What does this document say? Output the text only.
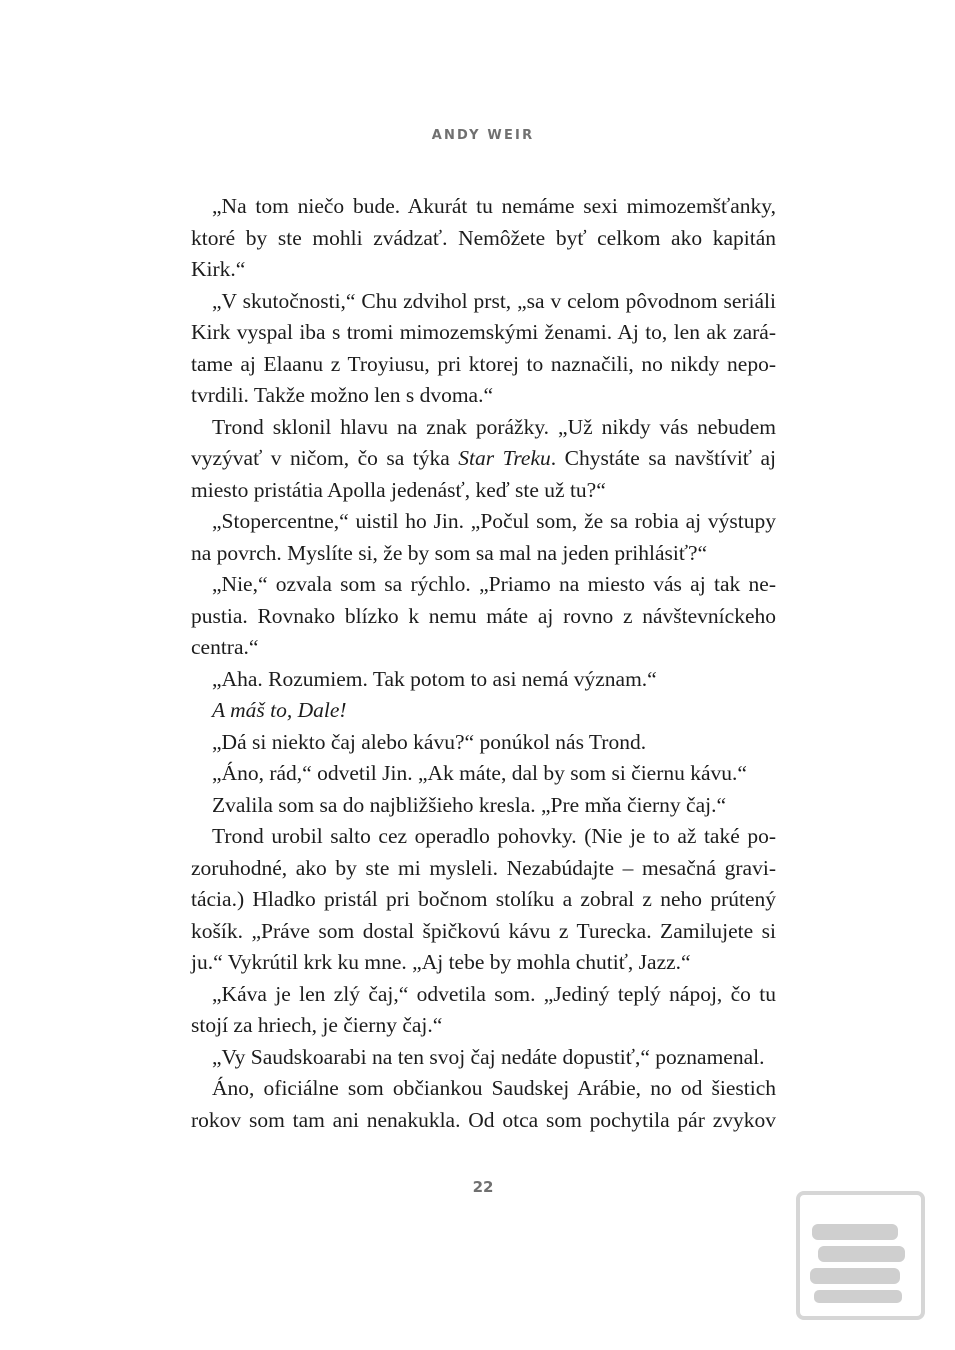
ANDY WEIR
„Na tom niečo bude. Akurát tu nemáme sexi mimozemšťanky,
ktoré by ste mohli zvádzať. Nemôžete byť celkom ako kapitán
Kirk.“
„V skutočnosti,“ Chu zdvihol prst, „sa v celom pôvodnom seriáli
Kirk vyspal iba s tromi mimozemskými ženami. Aj to, len ak zará-
tame aj Elaanu z Troyiusu, pri ktorej to naznačili, no nikdy nepo-
tvrdili. Takže možno len s dvoma.“
Trond sklonil hlavu na znak porážky. „Už nikdy vás nebudem
vyzývať v ničom, čo sa týka Star Treku. Chystáte sa navštíviť aj
miesto pristátia Apolla jedenásť, keď ste už tu?“
„Stopercentne,“ uistil ho Jin. „Počul som, že sa robia aj výstupy
na povrch. Myslíte si, že by som sa mal na jeden prihlásiť?“
„Nie,“ ozvala som sa rýchlo. „Priamo na miesto vás aj tak ne-
pustia. Rovnako blízko k nemu máte aj rovno z návštevníckeho
centra.“
„Aha. Rozumiem. Tak potom to asi nemá význam.“
A máš to, Dale!
„Dá si niekto čaj alebo kávu?“ ponúkol nás Trond.
„Áno, rád,“ odvetil Jin. „Ak máte, dal by som si čiernu kávu.“
Zvalila som sa do najbližšieho kresla. „Pre mňa čierny čaj.“
Trond urobil salto cez operadlo pohovky. (Nie je to až také po-
zoruhodné, ako by ste mi mysleli. Nezabúdajte – mesačná gravi-
tácia.) Hladko pristál pri bočnom stolíku a zobral z neho prútený
košík. „Práve som dostal špičkovú kávu z Turecka. Zamilujete si
ju.“ Vykrútil krk ku mne. „Aj tebe by mohla chutiť, Jazz.“
„Káva je len zlý čaj,“ odvetila som. „Jediný teplý nápoj, čo tu
stojí za hriech, je čierny čaj.“
„Vy Saudskoarabi na ten svoj čaj nedáte dopustiť,“ poznamenal.
Áno, oficiálne som občiankou Saudskej Arábie, no od šiestich
rokov som tam ani nenakukla. Od otca som pochytila pár zvykov
22
